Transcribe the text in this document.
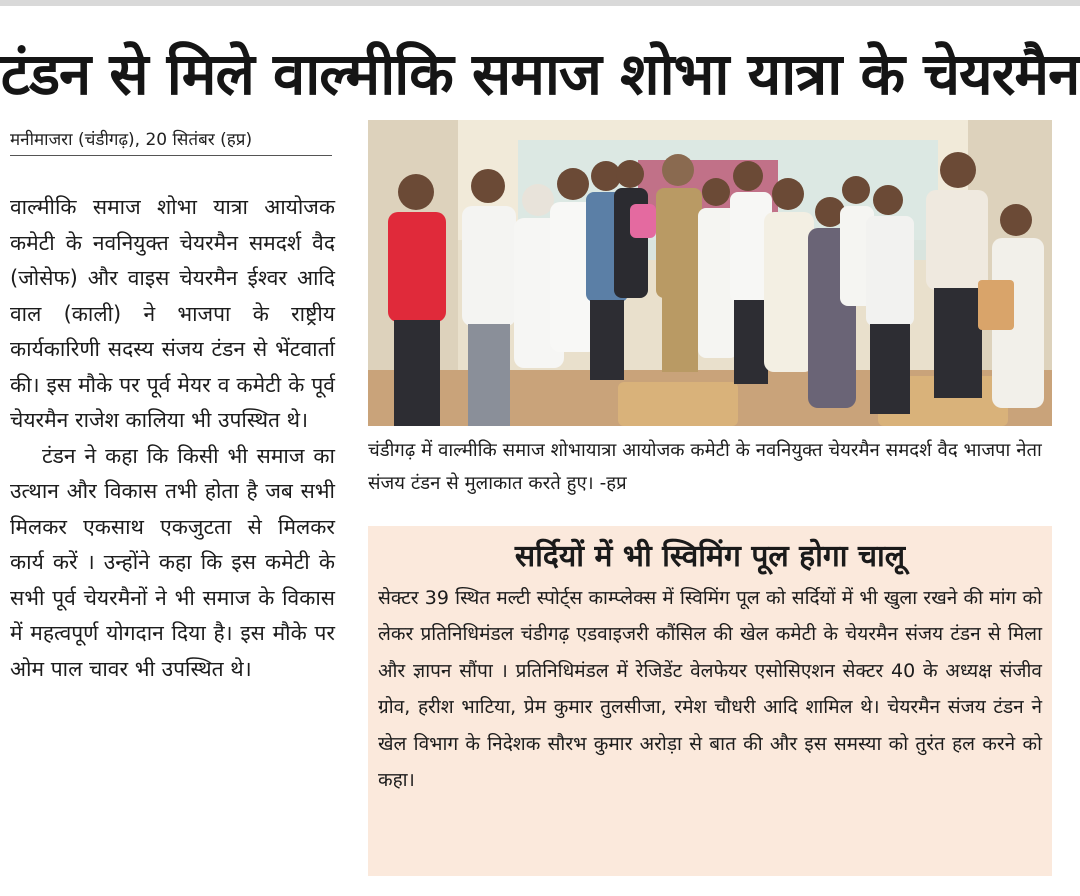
टंडन से मिले वाल्मीकि समाज शोभा यात्रा के चेयरमैन
मनीमाजरा (चंडीगढ़), 20 सितंबर (हप्र)

वाल्मीकि समाज शोभा यात्रा आयोजक कमेटी के नवनियुक्त चेयरमैन समदर्श वैद (जोसेफ) और वाइस चेयरमैन ईश्वर आदि वाल (काली) ने भाजपा के राष्ट्रीय कार्यकारिणी सदस्य संजय टंडन से भेंटवार्ता की। इस मौके पर पूर्व मेयर व कमेटी के पूर्व चेयरमैन राजेश कालिया भी उपस्थित थे।

टंडन ने कहा कि किसी भी समाज का उत्थान और विकास तभी होता है जब सभी मिलकर एकसाथ एकजुटता से मिलकर कार्य करें । उन्होंने कहा कि इस कमेटी के सभी पूर्व चेयरमैनों ने भी समाज के विकास में महत्वपूर्ण योगदान दिया है। इस मौके पर ओम पाल चावर भी उपस्थित थे।

चंडीगढ़ में वाल्मीकि समाज शोभायात्रा आयोजक कमेटी के नवनियुक्त चेयरमैन समदर्श वैद भाजपा नेता संजय टंडन से मुलाकात करते हुए। -हप्र
सर्दियों में भी स्विमिंग पूल होगा चालू
सेक्टर 39 स्थित मल्टी स्पोर्ट्स काम्प्लेक्स में स्विमिंग पूल को सर्दियों में भी खुला रखने की मांग को लेकर प्रतिनिधिमंडल चंडीगढ़ एडवाइजरी कौंसिल की खेल कमेटी के चेयरमैन संजय टंडन से मिला और ज्ञापन सौंपा । प्रतिनिधिमंडल में रेजिडेंट वेलफेयर एसोसिएशन सेक्टर 40 के अध्यक्ष संजीव ग्रोव, हरीश भाटिया, प्रेम कुमार तुलसीजा, रमेश चौधरी आदि शामिल थे। चेयरमैन संजय टंडन ने खेल विभाग के निदेशक सौरभ कुमार अरोड़ा से बात की और इस समस्या को तुरंत हल करने को कहा।
